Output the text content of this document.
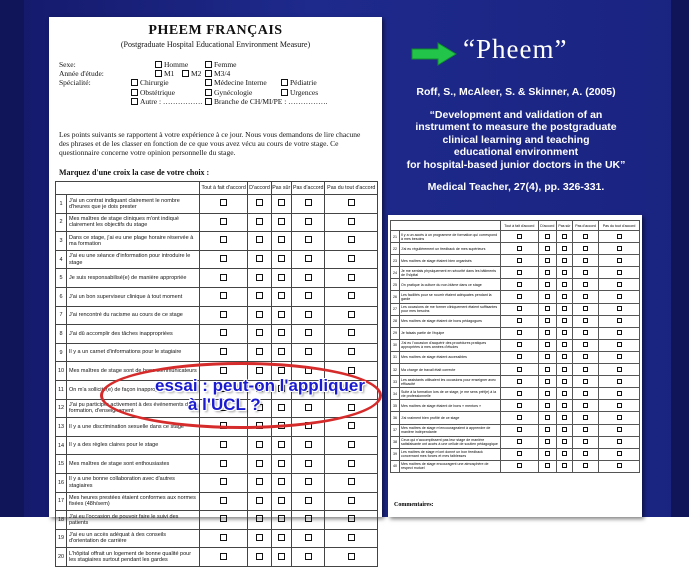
PHEEM FRANÇAIS
(Postgraduate Hospital Educational Environment Measure)
Sexe:	Homme	Femme
Année d'étude:	M1	M2	M3/4
Spécialité:	Chirurgie	Médecine Interne	Pédiatrie
Obstétrique	Gynécologie	Urgences
Autre : …………….	Branche de CH/MI/PE : …………….
Les points suivants se rapportent à votre expérience à ce jour. Nous vous demandons de lire chacune des phrases et de les classer en fonction de ce que vous avez vécu au cours de votre stage. Ce questionnaire concerne votre opinion personnelle du stage.
Marquez d'une croix la case de votre choix :
		Tout à fait d'accord	D'accord	Pas sûr	Pas d'accord	Pas du tout d'accord
1	J'ai un contrat indiquant clairement le nombre d'heures que je dois prester					
2	Mes maîtres de stage cliniques m'ont indiqué clairement les objectifs du stage					
3	Dans ce stage, j'ai eu une plage horaire réservée à ma formation					
4	J'ai eu une séance d'information pour introduire le stage					
5	Je suis responsabilisé(e) de manière appropriée					
6	J'ai un bon superviseur clinique à tout moment					
7	J'ai rencontré du racisme au cours de ce stage					
8	J'ai dû accomplir des tâches inappropriées					
9	Il y a un carnet d'informations pour le stagiaire					
10	Mes maîtres de stage sont de bons communicateurs					
11	On m'a sollicité(e) de façon inappropriée					
12	J'ai pu participer activement à des événements de formation, d'enseignement					
13	Il y a une discrimination sexuelle dans ce stage					
14	Il y a des règles claires pour le stage					
15	Mes maîtres de stage sont enthousiastes					
16	Il y a une bonne collaboration avec d'autres stagiaires					
17	Mes heures prestées étaient conformes aux normes fixées (48h/sem)					
18	J'ai eu l'occasion de pouvoir faire le suivi des patients					
19	J'ai eu un accès adéquat à des conseils d'orientation de carrière					
20	L'hôpital offrait un logement de bonne qualité pour les stagiaires surtout pendant les gardes					
essai : peut-on l'appliquer
à l'UCL ?
“Pheem”
Roff, S., McAleer, S. & Skinner, A. (2005)
“Development and validation of an
instrument to measure the postgraduate
clinical learning and teaching
educational environment
for hospital-based junior doctors in the UK”
Medical Teacher, 27(4), pp. 326-331.
		Tout à fait d'accord	D'accord	Pas sûr	Pas d'accord	Pas du tout d'accord
21	Il y a un accès à un programme de formation qui correspond à mes besoins					
22	J'ai eu régulièrement un feedback de mes supérieurs					
23	Mes maîtres de stage étaient bien organisés					
24	Je me sentais physiquement en sécurité dans les bâtiments de l'hôpital					
25	On pratique la culture du non-blâme dans ce stage					
26	Les facilités pour se nourrir étaient adéquates pendant la garde					
27	Les occasions de me former cliniquement étaient suffisantes pour mes besoins					
28	Mes maîtres de stage étaient de bons pédagogues					
29	Je faisais partie de l'équipe					
30	J'ai eu l'occasion d'acquérir des procédures pratiques appropriées à mes années d'études					
31	Mes maîtres de stage étaient accessibles					
32	Ma charge de travail était correcte					
33	Les assistants utilisaient les occasions pour enseigner avec efficacité					
34	Suite à la formation lors de ce stage, je me sens prêt(e) à la vie professionnelle					
35	Mes maîtres de stage étaient de bons « mentors »					
36	J'ai vraiment bien profité de ce stage					
37	Mes maîtres de stage m'encourageaient à apprendre de manière indépendante					
38	Ceux qui n'accomplissent pas leur stage de manière satisfaisante ont accès à une cellule de soutien pédagogique					
39	Les maîtres de stage m'ont donné un bon feedback concernant mes forces et mes faiblesses					
40	Mes maîtres de stage encouragent une atmosphère de respect mutuel					
Commentaires:
